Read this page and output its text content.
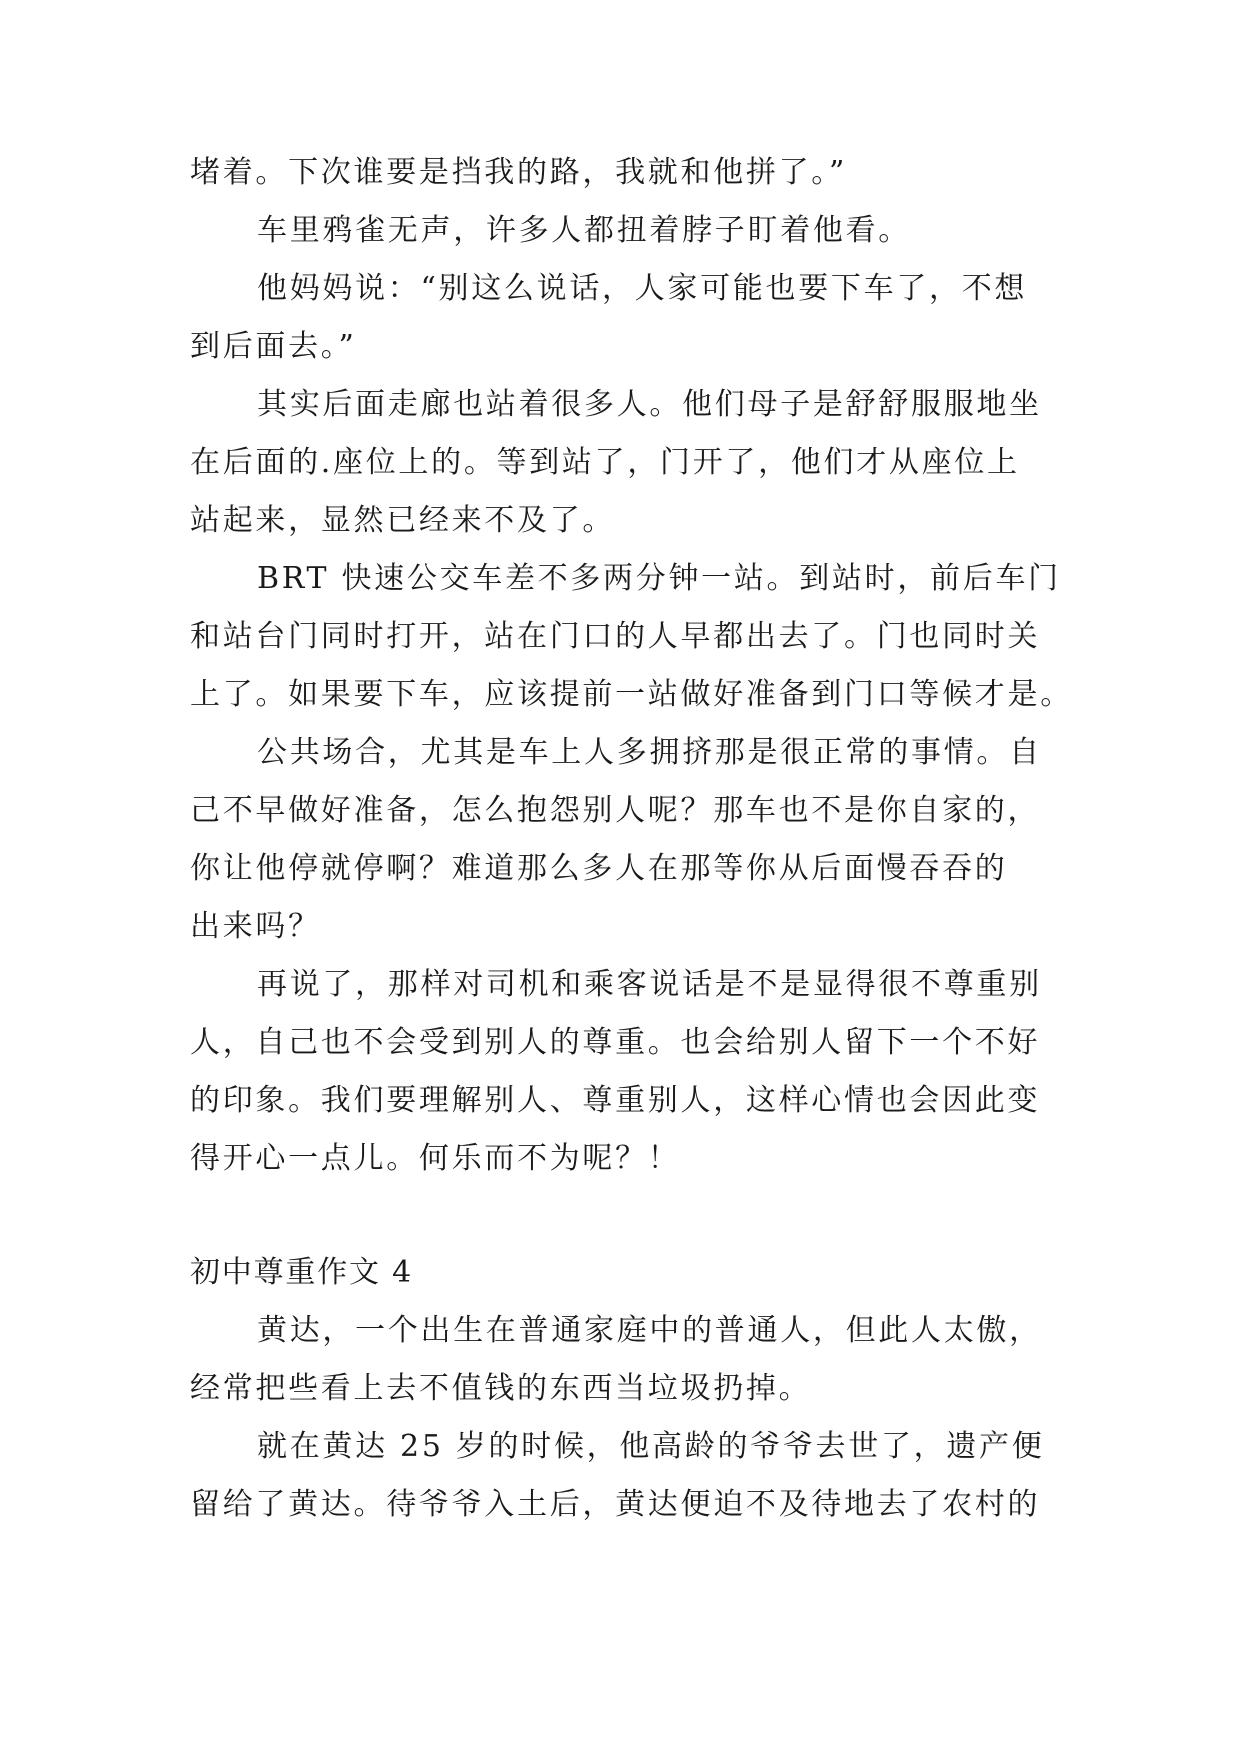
堵着。下次谁要是挡我的路，我就和他拼了。”
车里鸦雀无声，许多人都扭着脖子盯着他看。
他妈妈说：“别这么说话，人家可能也要下车了，不想
到后面去。”
其实后面走廊也站着很多人。他们母子是舒舒服服地坐
在后面的.座位上的。等到站了，门开了，他们才从座位上
站起来，显然已经来不及了。
BRT 快速公交车差不多两分钟一站。到站时，前后车门
和站台门同时打开，站在门口的人早都出去了。门也同时关
上了。如果要下车，应该提前一站做好准备到门口等候才是。
公共场合，尤其是车上人多拥挤那是很正常的事情。自
己不早做好准备，怎么抱怨别人呢？那车也不是你自家的，
你让他停就停啊？难道那么多人在那等你从后面慢吞吞的
出来吗？
再说了，那样对司机和乘客说话是不是显得很不尊重别
人，自己也不会受到别人的尊重。也会给别人留下一个不好
的印象。我们要理解别人、尊重别人，这样心情也会因此变
得开心一点儿。何乐而不为呢？！
初中尊重作文 4
黄达，一个出生在普通家庭中的普通人，但此人太傲，
经常把些看上去不值钱的东西当垃圾扔掉。
就在黄达 25 岁的时候，他高龄的爷爷去世了，遗产便
留给了黄达。待爷爷入土后，黄达便迫不及待地去了农村的
